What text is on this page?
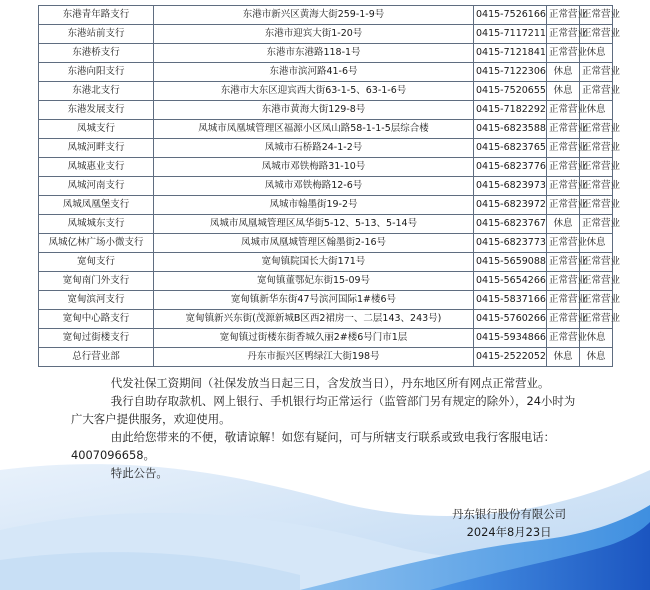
东港青年路支行	东港市新兴区黄海大街259-1-9号	0415-7526166	正常营业	正常营业
东港站前支行	东港市迎宾大街1-20号	0415-7117211	正常营业	正常营业
东港桥支行	东港市东港路118-1号	0415-7121841	正常营业	休息
东港向阳支行	东港市滨河路41-6号	0415-7122306	休息	正常营业
东港北支行	东港市大东区迎宾西大街63-1-5、63-1-6号	0415-7520655	休息	正常营业
东港发展支行	东港市黄海大街129-8号	0415-7182292	正常营业	休息
凤城支行	凤城市凤凰城管理区福源小区凤山路58-1-1-5层综合楼	0415-6823588	正常营业	正常营业
凤城河畔支行	凤城市石桥路24-1-2号	0415-6823765	正常营业	正常营业
凤城惠业支行	凤城市邓铁梅路31-10号	0415-6823776	正常营业	正常营业
凤城河南支行	凤城市邓铁梅路12-6号	0415-6823973	正常营业	正常营业
凤城凤凰堡支行	凤城市翰墨街19-2号	0415-6823972	正常营业	正常营业
凤城城东支行	凤城市凤凰城管理区凤华街5-12、5-13、5-14号	0415-6823767	休息	正常营业
凤城亿林广场小微支行	凤城市凤凰城管理区翰墨街2-16号	0415-6823773	正常营业	休息
宽甸支行	宽甸镇院国长大街171号	0415-5659088	正常营业	正常营业
宽甸南门外支行	宽甸镇董鄂妃东街15-09号	0415-5654266	正常营业	正常营业
宽甸滨河支行	宽甸镇新华东街47号滨河国际1#楼6号	0415-5837166	正常营业	正常营业
宽甸中心路支行	宽甸镇新兴东街(茂源新城B区西2裙房一、二层143、243号)	0415-5760266	正常营业	正常营业
宽甸过街楼支行	宽甸镇过街楼东街香城久丽2#楼6号门市1层	0415-5934866	正常营业	休息
总行营业部	丹东市振兴区鸭绿江大街198号	0415-2522052	休息	休息

代发社保工资期间（社保发放当日起三日，含发放当日），丹东地区所有网点正常营业。

我行自助存取款机、网上银行、手机银行均正常运行（监管部门另有规定的除外），24小时为

广大客户提供服务，欢迎使用。

由此给您带来的不便，敬请谅解！如您有疑问，可与所辖支行联系或致电我行客服电话：

4007096658。

特此公告。

丹东银行股份有限公司
2024年8月23日
